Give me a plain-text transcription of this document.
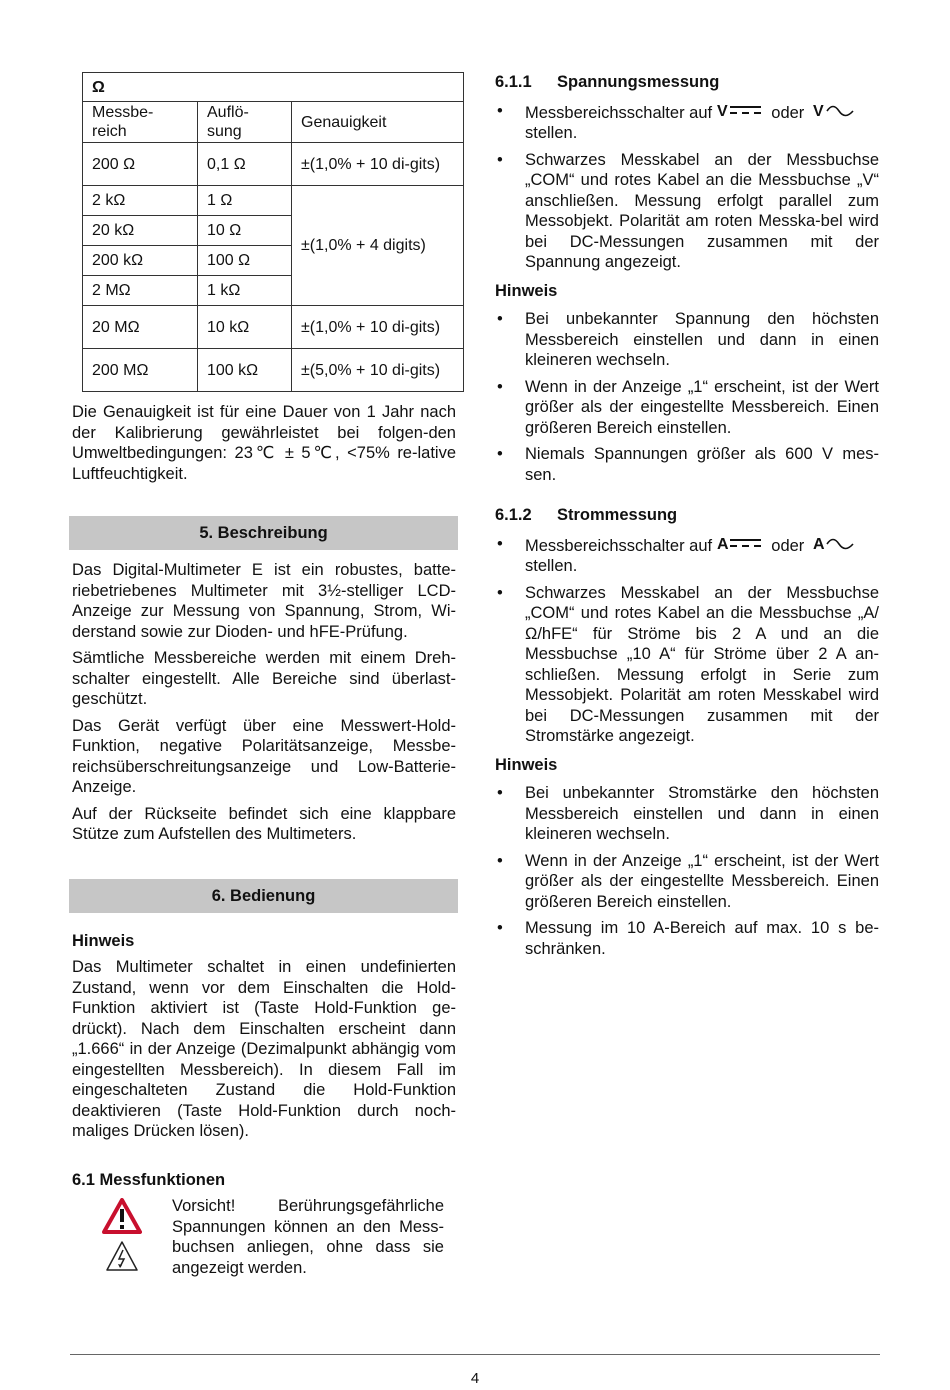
Ω		
Messbe-reich	Auflö-sung	Genauigkeit
200 Ω	0,1 Ω	±(1,0% + 10 di-gits)
2 kΩ	1 Ω	±(1,0% + 4 digits)
20 kΩ	10 Ω	
200 kΩ	100 Ω	
2 MΩ	1 kΩ	
20 MΩ	10 kΩ	±(1,0% + 10 di-gits)
200 MΩ	100 kΩ	±(5,0% + 10 di-gits)

Die Genauigkeit ist für eine Dauer von 1 Jahr nach der Kalibrierung gewährleistet bei folgen-den Umweltbedingungen: 23℃ ± 5℃, <75% re-lative Luftfeuchtigkeit.

5. Beschreibung

Das Digital-Multimeter E ist ein robustes, batte-riebetriebenes Multimeter mit 3½-stelliger LCD-Anzeige zur Messung von Spannung, Strom, Wi-derstand sowie zur Dioden- und hFE-Prüfung.

Sämtliche Messbereiche werden mit einem Dreh-schalter eingestellt. Alle Bereiche sind überlast-geschützt.

Das Gerät verfügt über eine Messwert-Hold-Funktion, negative Polaritätsanzeige, Messbe-reichsüberschreitungsanzeige und Low-Batterie-Anzeige.

Auf der Rückseite befindet sich eine klappbare Stütze zum Aufstellen des Multimeters.

6. Bedienung
Hinweis

Das Multimeter schaltet in einen undefinierten Zustand, wenn vor dem Einschalten die Hold-Funktion aktiviert ist (Taste Hold-Funktion ge-drückt). Nach dem Einschalten erscheint dann „1.666“ in der Anzeige (Dezimalpunkt abhängig vom eingestellten Messbereich). In diesem Fall im eingeschalteten Zustand die Hold-Funktion deaktivieren (Taste Hold-Funktion durch noch-maliges Drücken lösen).

6.1 Messfunktionen
Vorsicht! Berührungsgefährliche Spannungen können an den Mess-buchsen anliegen, ohne dass sie angezeigt werden.
6.1.1 Spannungsmessung
• Messbereichsschalter auf V	oder V

stellen.
• Schwarzes Messkabel an der Messbuchse „COM“ und rotes Kabel an die Messbuchse „V“ anschließen. Messung erfolgt parallel zum Messobjekt. Polarität am roten Messka-bel wird bei DC-Messungen zusammen mit der Spannung angezeigt.
Hinweis
• Bei unbekannter Spannung den höchsten Messbereich einstellen und dann in einen kleineren wechseln.
• Wenn in der Anzeige „1“ erscheint, ist der Wert größer als der eingestellte Messbereich. Einen größeren Bereich einstellen.
• Niemals Spannungen größer als 600 V mes-sen.
6.1.2 Strommessung
• Messbereichsschalter auf A	oder A

stellen.
• Schwarzes Messkabel an der Messbuchse „COM“ und rotes Kabel an die Messbuchse „A/Ω/hFE“ für Ströme bis 2 A und an die Messbuchse „10 A“ für Ströme über 2 A an-schließen. Messung erfolgt in Serie zum Messobjekt. Polarität am roten Messkabel wird bei DC-Messungen zusammen mit der Stromstärke angezeigt.
Hinweis
• Bei unbekannter Stromstärke den höchsten Messbereich einstellen und dann in einen kleineren wechseln.
• Wenn in der Anzeige „1“ erscheint, ist der Wert größer als der eingestellte Messbereich. Einen größeren Bereich einstellen.
• Messung im 10 A-Bereich auf max. 10 s be-schränken.
4
